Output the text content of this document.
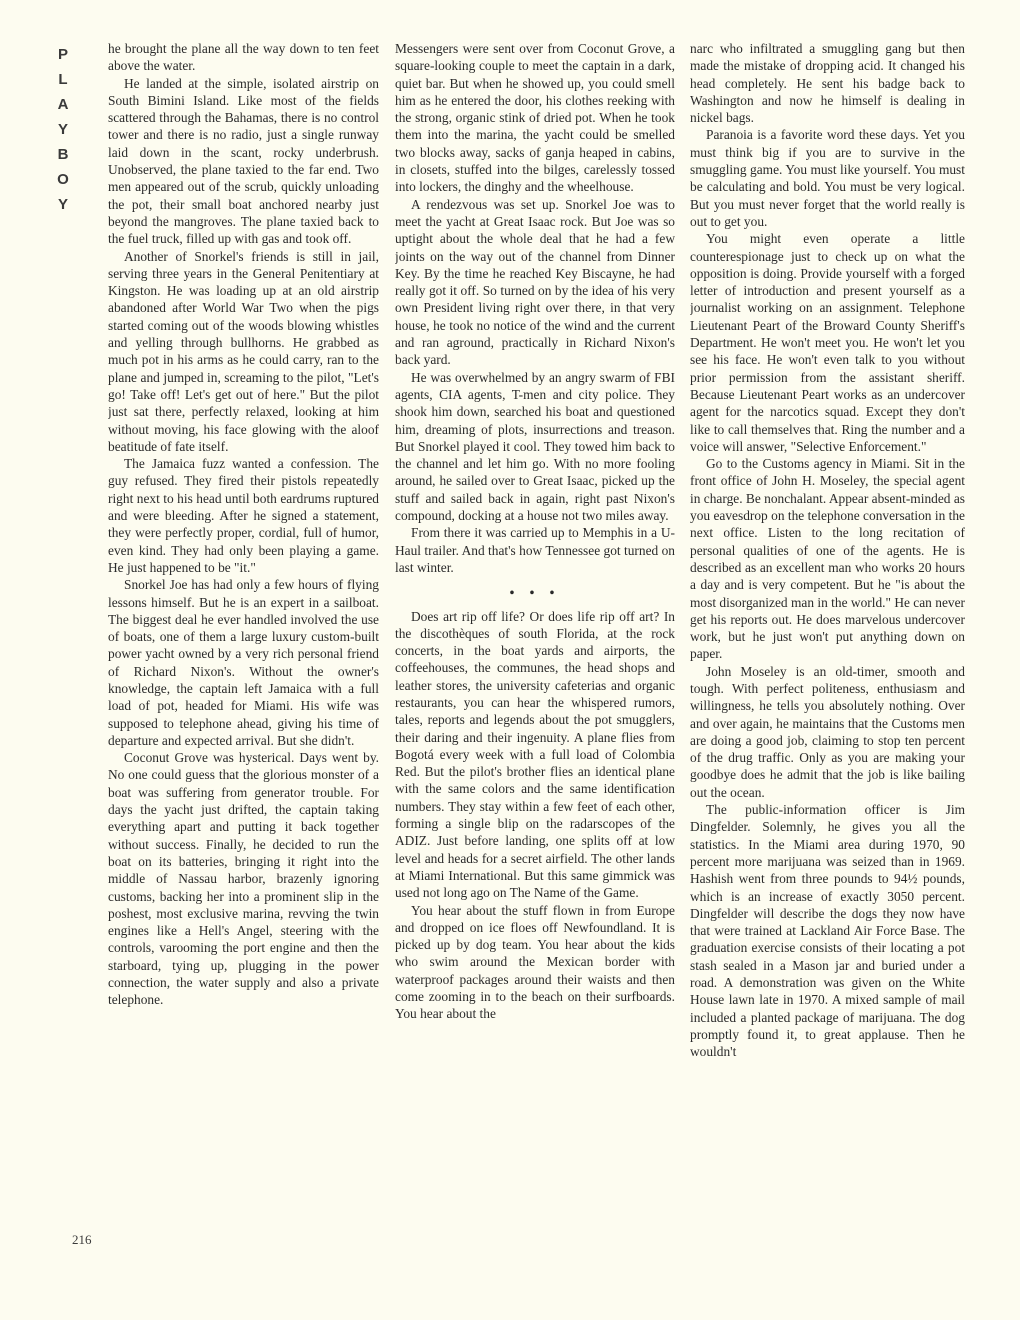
P
L
A
Y
B
O
Y
216

he brought the plane all the way down to ten feet above the water.

He landed at the simple, isolated airstrip on South Bimini Island. Like most of the fields scattered through the Bahamas, there is no control tower and there is no radio, just a single runway laid down in the scant, rocky underbrush. Unobserved, the plane taxied to the far end. Two men appeared out of the scrub, quickly unloading the pot, their small boat anchored nearby just beyond the mangroves. The plane taxied back to the fuel truck, filled up with gas and took off.

Another of Snorkel's friends is still in jail, serving three years in the General Penitentiary at Kingston. He was loading up at an old airstrip abandoned after World War Two when the pigs started coming out of the woods blowing whistles and yelling through bullhorns. He grabbed as much pot in his arms as he could carry, ran to the plane and jumped in, screaming to the pilot, "Let's go! Take off! Let's get out of here." But the pilot just sat there, perfectly relaxed, looking at him without moving, his face glowing with the aloof beatitude of fate itself.

The Jamaica fuzz wanted a confession. The guy refused. They fired their pistols repeatedly right next to his head until both eardrums ruptured and were bleeding. After he signed a statement, they were perfectly proper, cordial, full of humor, even kind. They had only been playing a game. He just happened to be "it."

Snorkel Joe has had only a few hours of flying lessons himself. But he is an expert in a sailboat. The biggest deal he ever handled involved the use of boats, one of them a large luxury custom-built power yacht owned by a very rich personal friend of Richard Nixon's. Without the owner's knowledge, the captain left Jamaica with a full load of pot, headed for Miami. His wife was supposed to telephone ahead, giving his time of departure and expected arrival. But she didn't.

Coconut Grove was hysterical. Days went by. No one could guess that the glorious monster of a boat was suffering from generator trouble. For days the yacht just drifted, the captain taking everything apart and putting it back together without success. Finally, he decided to run the boat on its batteries, bringing it right into the middle of Nassau harbor, brazenly ignoring customs, backing her into a prominent slip in the poshest, most exclusive marina, revving the twin engines like a Hell's Angel, steering with the controls, varooming the port engine and then the starboard, tying up, plugging in the power connection, the water supply and also a private telephone.

Messengers were sent over from Coconut Grove, a square-looking couple to meet the captain in a dark, quiet bar. But when he showed up, you could smell him as he entered the door, his clothes reeking with the strong, organic stink of dried pot. When he took them into the marina, the yacht could be smelled two blocks away, sacks of ganja heaped in cabins, in closets, stuffed into the bilges, carelessly tossed into lockers, the dinghy and the wheelhouse.

A rendezvous was set up. Snorkel Joe was to meet the yacht at Great Isaac rock. But Joe was so uptight about the whole deal that he had a few joints on the way out of the channel from Dinner Key. By the time he reached Key Biscayne, he had really got it off. So turned on by the idea of his very own President living right over there, in that very house, he took no notice of the wind and the current and ran aground, practically in Richard Nixon's back yard.

He was overwhelmed by an angry swarm of FBI agents, CIA agents, T-men and city police. They shook him down, searched his boat and questioned him, dreaming of plots, insurrections and treason. But Snorkel played it cool. They towed him back to the channel and let him go. With no more fooling around, he sailed over to Great Isaac, picked up the stuff and sailed back in again, right past Nixon's compound, docking at a house not two miles away.

From there it was carried up to Memphis in a U-Haul trailer. And that's how Tennessee got turned on last winter.

• • •

Does art rip off life? Or does life rip off art? In the discothèques of south Florida, at the rock concerts, in the boat yards and airports, the coffeehouses, the communes, the head shops and leather stores, the university cafeterias and organic restaurants, you can hear the whispered rumors, tales, reports and legends about the pot smugglers, their daring and their ingenuity. A plane flies from Bogotá every week with a full load of Colombia Red. But the pilot's brother flies an identical plane with the same colors and the same identification numbers. They stay within a few feet of each other, forming a single blip on the radarscopes of the ADIZ. Just before landing, one splits off at low level and heads for a secret airfield. The other lands at Miami International. But this same gimmick was used not long ago on The Name of the Game.

You hear about the stuff flown in from Europe and dropped on ice floes off Newfoundland. It is picked up by dog team. You hear about the kids who swim around the Mexican border with waterproof packages around their waists and then come zooming in to the beach on their surfboards. You hear about the

narc who infiltrated a smuggling gang but then made the mistake of dropping acid. It changed his head completely. He sent his badge back to Washington and now he himself is dealing in nickel bags.

Paranoia is a favorite word these days. Yet you must think big if you are to survive in the smuggling game. You must like yourself. You must be calculating and bold. You must be very logical. But you must never forget that the world really is out to get you.

You might even operate a little counterespionage just to check up on what the opposition is doing. Provide yourself with a forged letter of introduction and present yourself as a journalist working on an assignment. Telephone Lieutenant Peart of the Broward County Sheriff's Department. He won't meet you. He won't let you see his face. He won't even talk to you without prior permission from the assistant sheriff. Because Lieutenant Peart works as an undercover agent for the narcotics squad. Except they don't like to call themselves that. Ring the number and a voice will answer, "Selective Enforcement."

Go to the Customs agency in Miami. Sit in the front office of John H. Moseley, the special agent in charge. Be nonchalant. Appear absent-minded as you eavesdrop on the telephone conversation in the next office. Listen to the long recitation of personal qualities of one of the agents. He is described as an excellent man who works 20 hours a day and is very competent. But he "is about the most disorganized man in the world." He can never get his reports out. He does marvelous undercover work, but he just won't put anything down on paper.

John Moseley is an old-timer, smooth and tough. With perfect politeness, enthusiasm and willingness, he tells you absolutely nothing. Over and over again, he maintains that the Customs men are doing a good job, claiming to stop ten percent of the drug traffic. Only as you are making your goodbye does he admit that the job is like bailing out the ocean.

The public-information officer is Jim Dingfelder. Solemnly, he gives you all the statistics. In the Miami area during 1970, 90 percent more marijuana was seized than in 1969. Hashish went from three pounds to 94½ pounds, which is an increase of exactly 3050 percent. Dingfelder will describe the dogs they now have that were trained at Lackland Air Force Base. The graduation exercise consists of their locating a pot stash sealed in a Mason jar and buried under a road. A demonstration was given on the White House lawn late in 1970. A mixed sample of mail included a planted package of marijuana. The dog promptly found it, to great applause. Then he wouldn't
